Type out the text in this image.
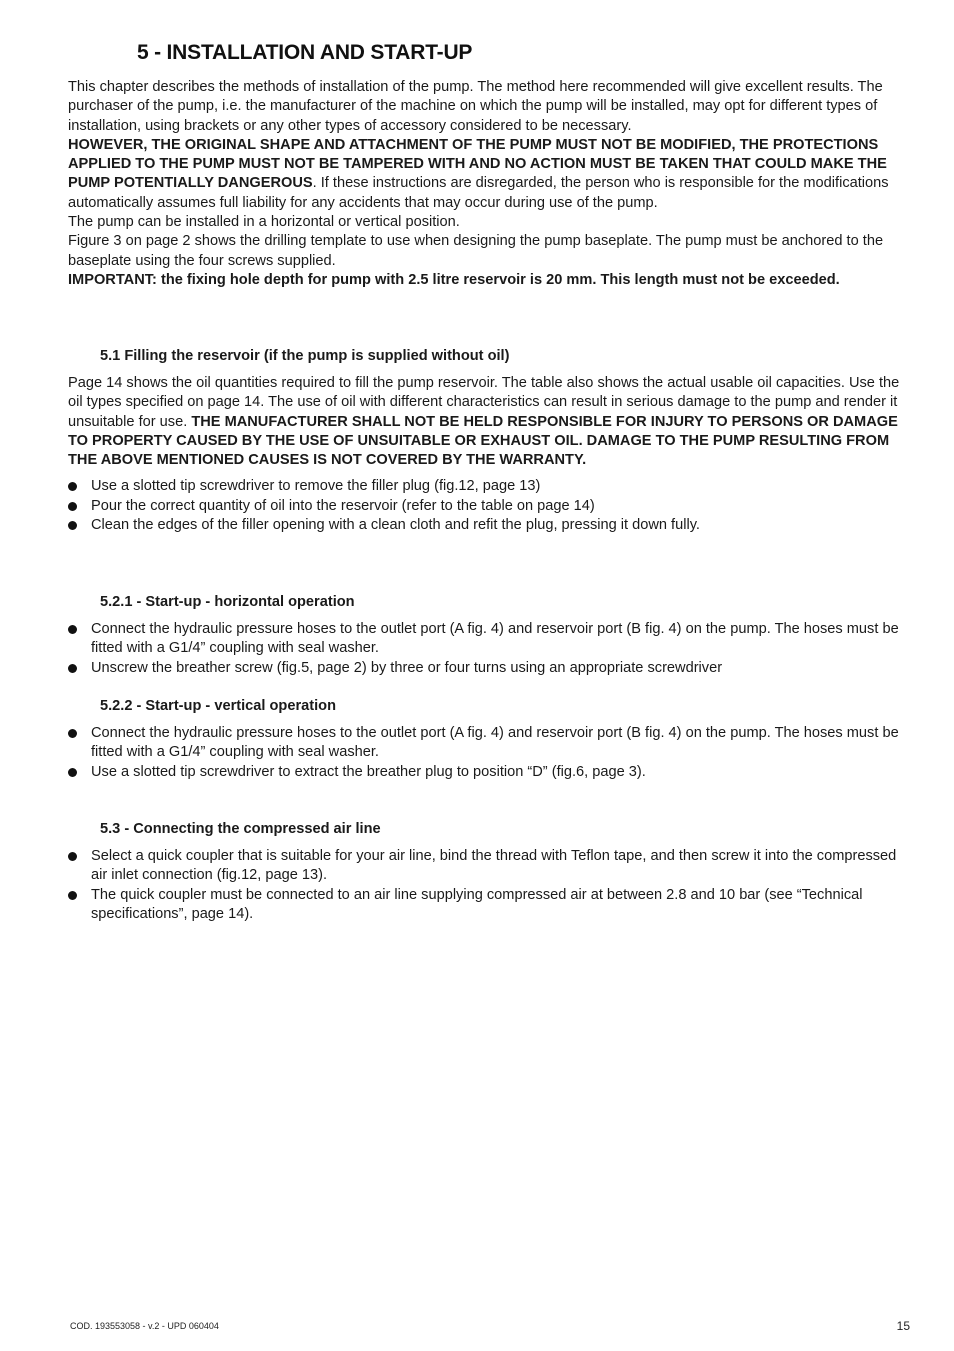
5 - INSTALLATION AND START-UP

This chapter describes the methods of installation of the pump. The method here recommended will give excellent results. The purchaser of the pump, i.e. the manufacturer of the machine on which the pump will be installed, may opt for different types of installation, using brackets or any other types of accessory considered to be necessary.
HOWEVER, THE ORIGINAL SHAPE AND ATTACHMENT OF THE PUMP MUST NOT BE MODIFIED, THE PROTECTIONS APPLIED TO THE PUMP MUST NOT BE TAMPERED WITH AND NO ACTION MUST BE TAKEN THAT COULD MAKE THE PUMP POTENTIALLY DANGEROUS. If these instructions are disregarded, the person who is responsible for the modifications automatically assumes full liability for any accidents that may occur during use of the pump.

The pump can be installed in a horizontal or vertical position.

Figure 3 on page 2 shows the drilling template to use when designing the pump baseplate. The pump must be anchored to the baseplate using the four screws supplied.

IMPORTANT: the fixing hole depth for pump with 2.5 litre reservoir is 20 mm. This length must not be exceeded.

5.1 Filling the reservoir (if the pump is supplied without oil)

Page 14 shows the oil quantities required to fill the pump reservoir. The table also shows the actual usable oil capacities. Use the oil types specified on page 14. The use of oil with different characteristics can result in serious damage to the pump and render it unsuitable for use. THE MANUFACTURER SHALL NOT BE HELD RESPONSIBLE FOR INJURY TO PERSONS OR DAMAGE TO PROPERTY CAUSED BY THE USE OF UNSUITABLE OR EXHAUST OIL. DAMAGE TO THE PUMP RESULTING FROM THE ABOVE MENTIONED CAUSES IS NOT COVERED BY THE WARRANTY.

Use a slotted tip screwdriver to remove the filler plug (fig.12, page 13)
Pour the correct quantity of oil into the reservoir (refer to the table on page 14)
Clean the edges of the filler opening with a clean cloth and refit the plug, pressing it down fully.
5.2.1 - Start-up - horizontal operation
Connect the hydraulic pressure hoses to the outlet port (A fig. 4) and reservoir port (B fig. 4) on the pump. The hoses must be fitted with a G1/4” coupling with seal washer.
Unscrew the breather screw (fig.5, page 2) by three or four turns using an appropriate screwdriver
5.2.2 - Start-up - vertical operation
Connect the hydraulic pressure hoses to the outlet port (A fig. 4) and reservoir port (B fig. 4) on the pump. The hoses must be fitted with a G1/4” coupling with seal washer.
Use a slotted tip screwdriver to extract the breather plug to position “D” (fig.6, page 3).
5.3 - Connecting the compressed air line
Select a quick coupler that is suitable for your air line, bind the thread with Teflon tape, and then screw it into the compressed air inlet connection (fig.12, page 13).
The quick coupler must be connected to an air line supplying compressed air at between 2.8 and 10 bar (see “Technical specifications”, page 14).
COD. 193553058 - v.2 - UPD 060404	15
